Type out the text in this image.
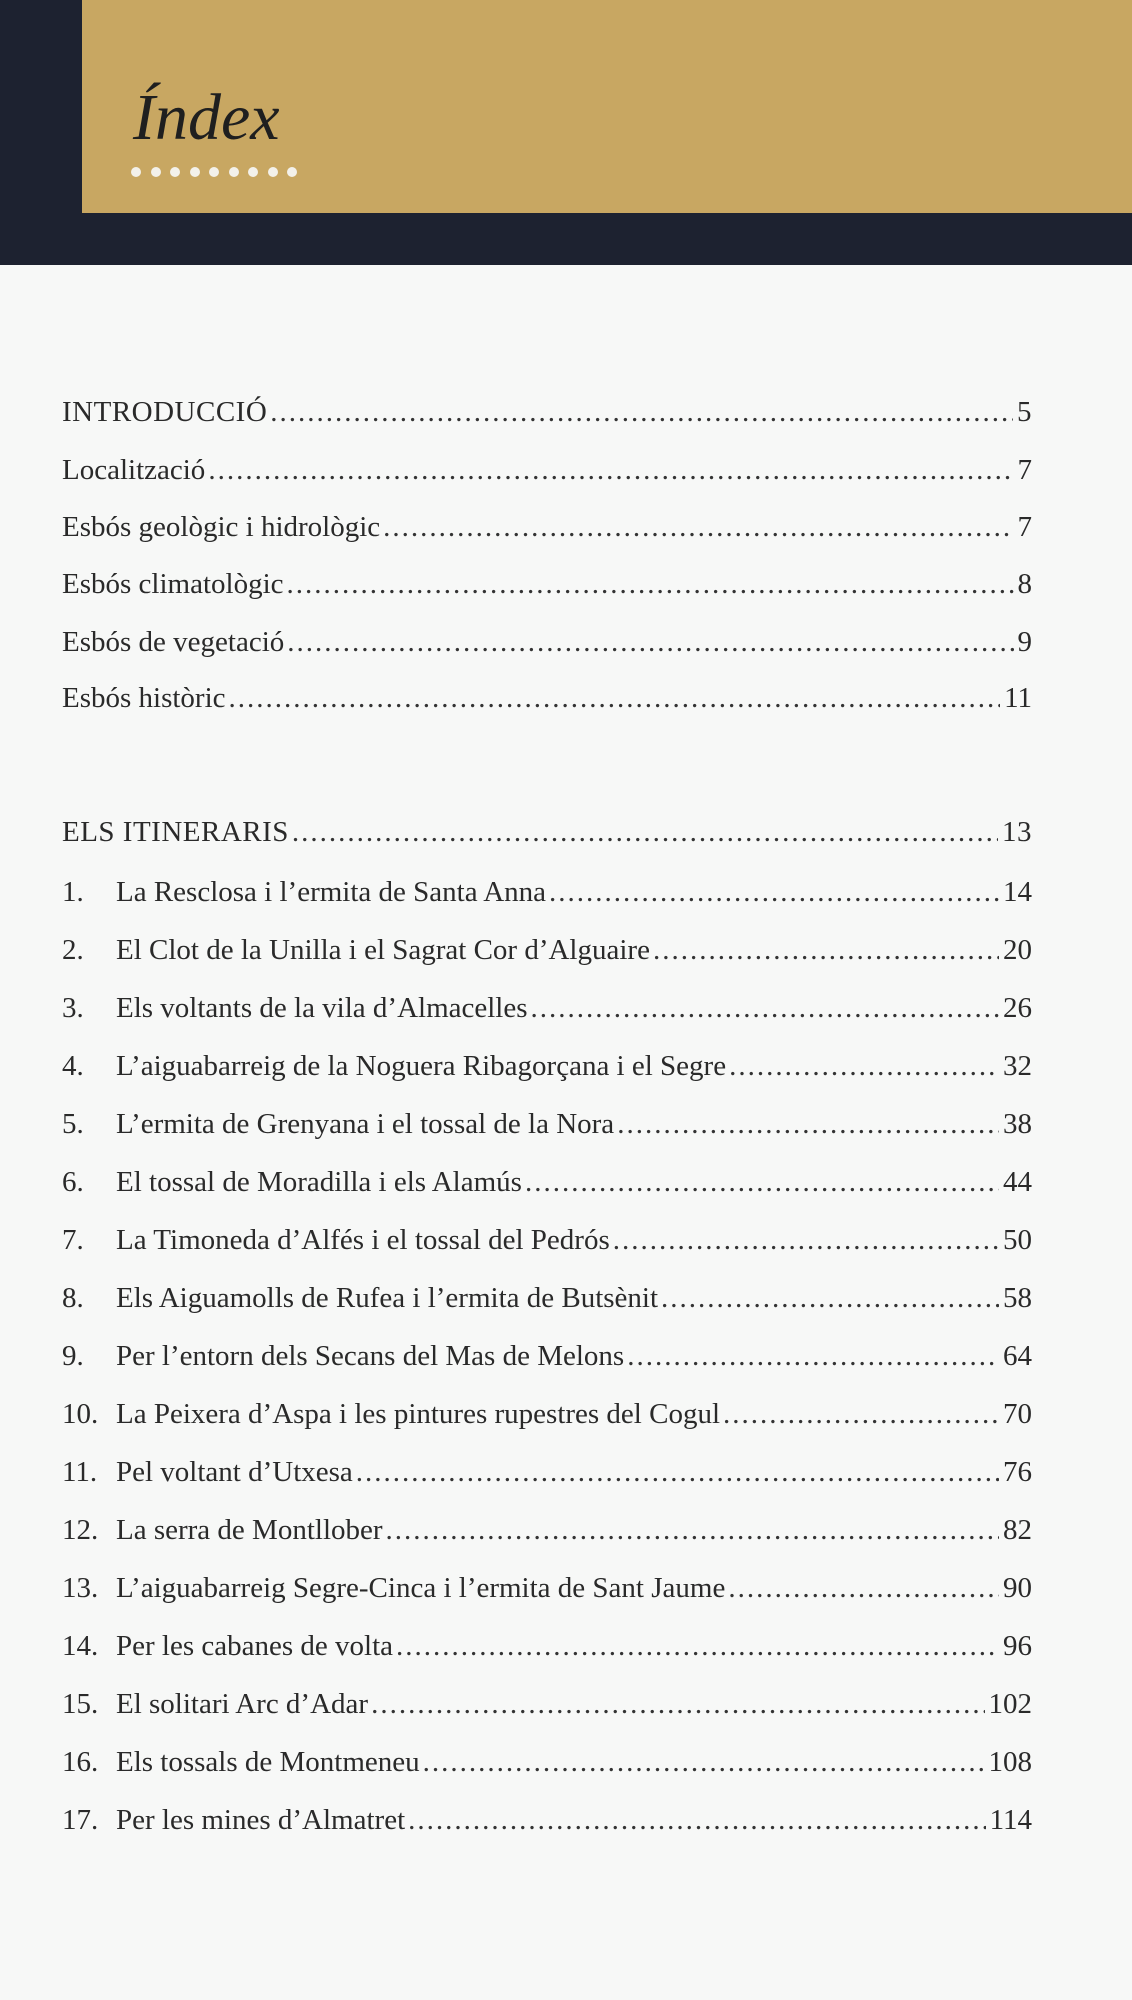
Índex
INTRODUCCIÓ .....	5
Localització .....	7
Esbós geològic i hidrològic .....	7
Esbós climatològic .....	8
Esbós de vegetació .....	9
Esbós històric .....	11
ELS ITINERARIS .....	13
1.	La Resclosa i l’ermita de Santa Anna .....	14
2.	El Clot de la Unilla i el Sagrat Cor d’Alguaire .....	20
3.	Els voltants de la vila d’Almacelles .....	26
4.	L’aiguabarreig de la Noguera Ribagorçana i el Segre .....	32
5.	L’ermita de Grenyana i el tossal de la Nora .....	38
6.	El tossal de Moradilla i els Alamús .....	44
7.	La Timoneda d’Alfés i el tossal del Pedrós .....	50
8.	Els Aiguamolls de Rufea i l’ermita de Butsènit .....	58
9.	Per l’entorn dels Secans del Mas de Melons .....	64
10. La Peixera d’Aspa i les pintures rupestres del Cogul .....	70
11. Pel voltant d’Utxesa .....	76
12. La serra de Montllober .....	82
13. L’aiguabarreig Segre-Cinca i l’ermita de Sant Jaume .....	90
14. Per les cabanes de volta .....	96
15. El solitari Arc d’Adar .....	102
16. Els tossals de Montmeneu .....	108
17. Per les mines d’Almatret .....	114
